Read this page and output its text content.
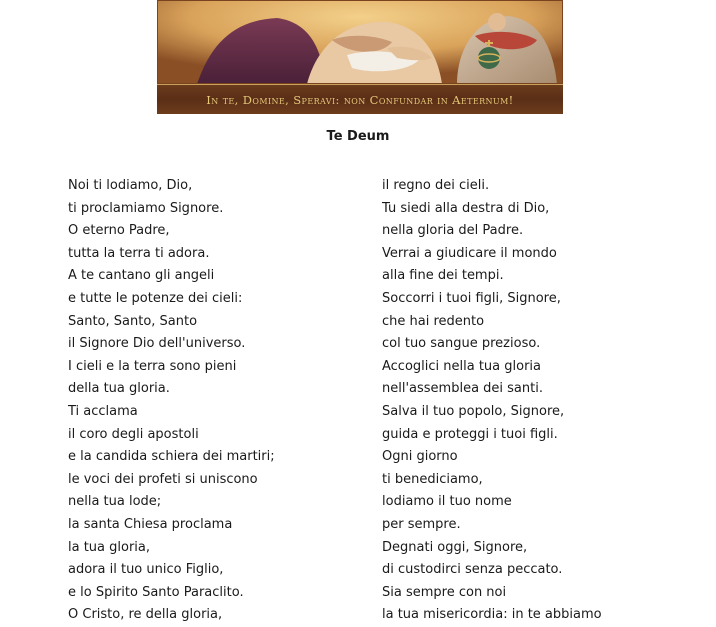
In te, Domine, Speravi: non Confundar in Aeternum!
Te Deum
Noi ti lodiamo, Dio,
ti proclamiamo Signore.
O eterno Padre,
tutta la terra ti adora.
A te cantano gli angeli
e tutte le potenze dei cieli:
Santo, Santo, Santo
il Signore Dio dell'universo.
I cieli e la terra sono pieni
della tua gloria.
Ti acclama
il coro degli apostoli
e la candida schiera dei martiri;
le voci dei profeti si uniscono
nella tua lode;
la santa Chiesa proclama
la tua gloria,
adora il tuo unico Figlio,
e lo Spirito Santo Paraclito.
O Cristo, re della gloria,
il regno dei cieli.
Tu siedi alla destra di Dio,
nella gloria del Padre.
Verrai a giudicare il mondo
alla fine dei tempi.
Soccorri i tuoi figli, Signore,
che hai redento
col tuo sangue prezioso.
Accoglici nella tua gloria
nell'assemblea dei santi.
Salva il tuo popolo, Signore,
guida e proteggi i tuoi figli.
Ogni giorno
ti benediciamo,
lodiamo il tuo nome
per sempre.
Degnati oggi, Signore,
di custodirci senza peccato.
Sia sempre con noi
la tua misericordia: in te abbiamo
